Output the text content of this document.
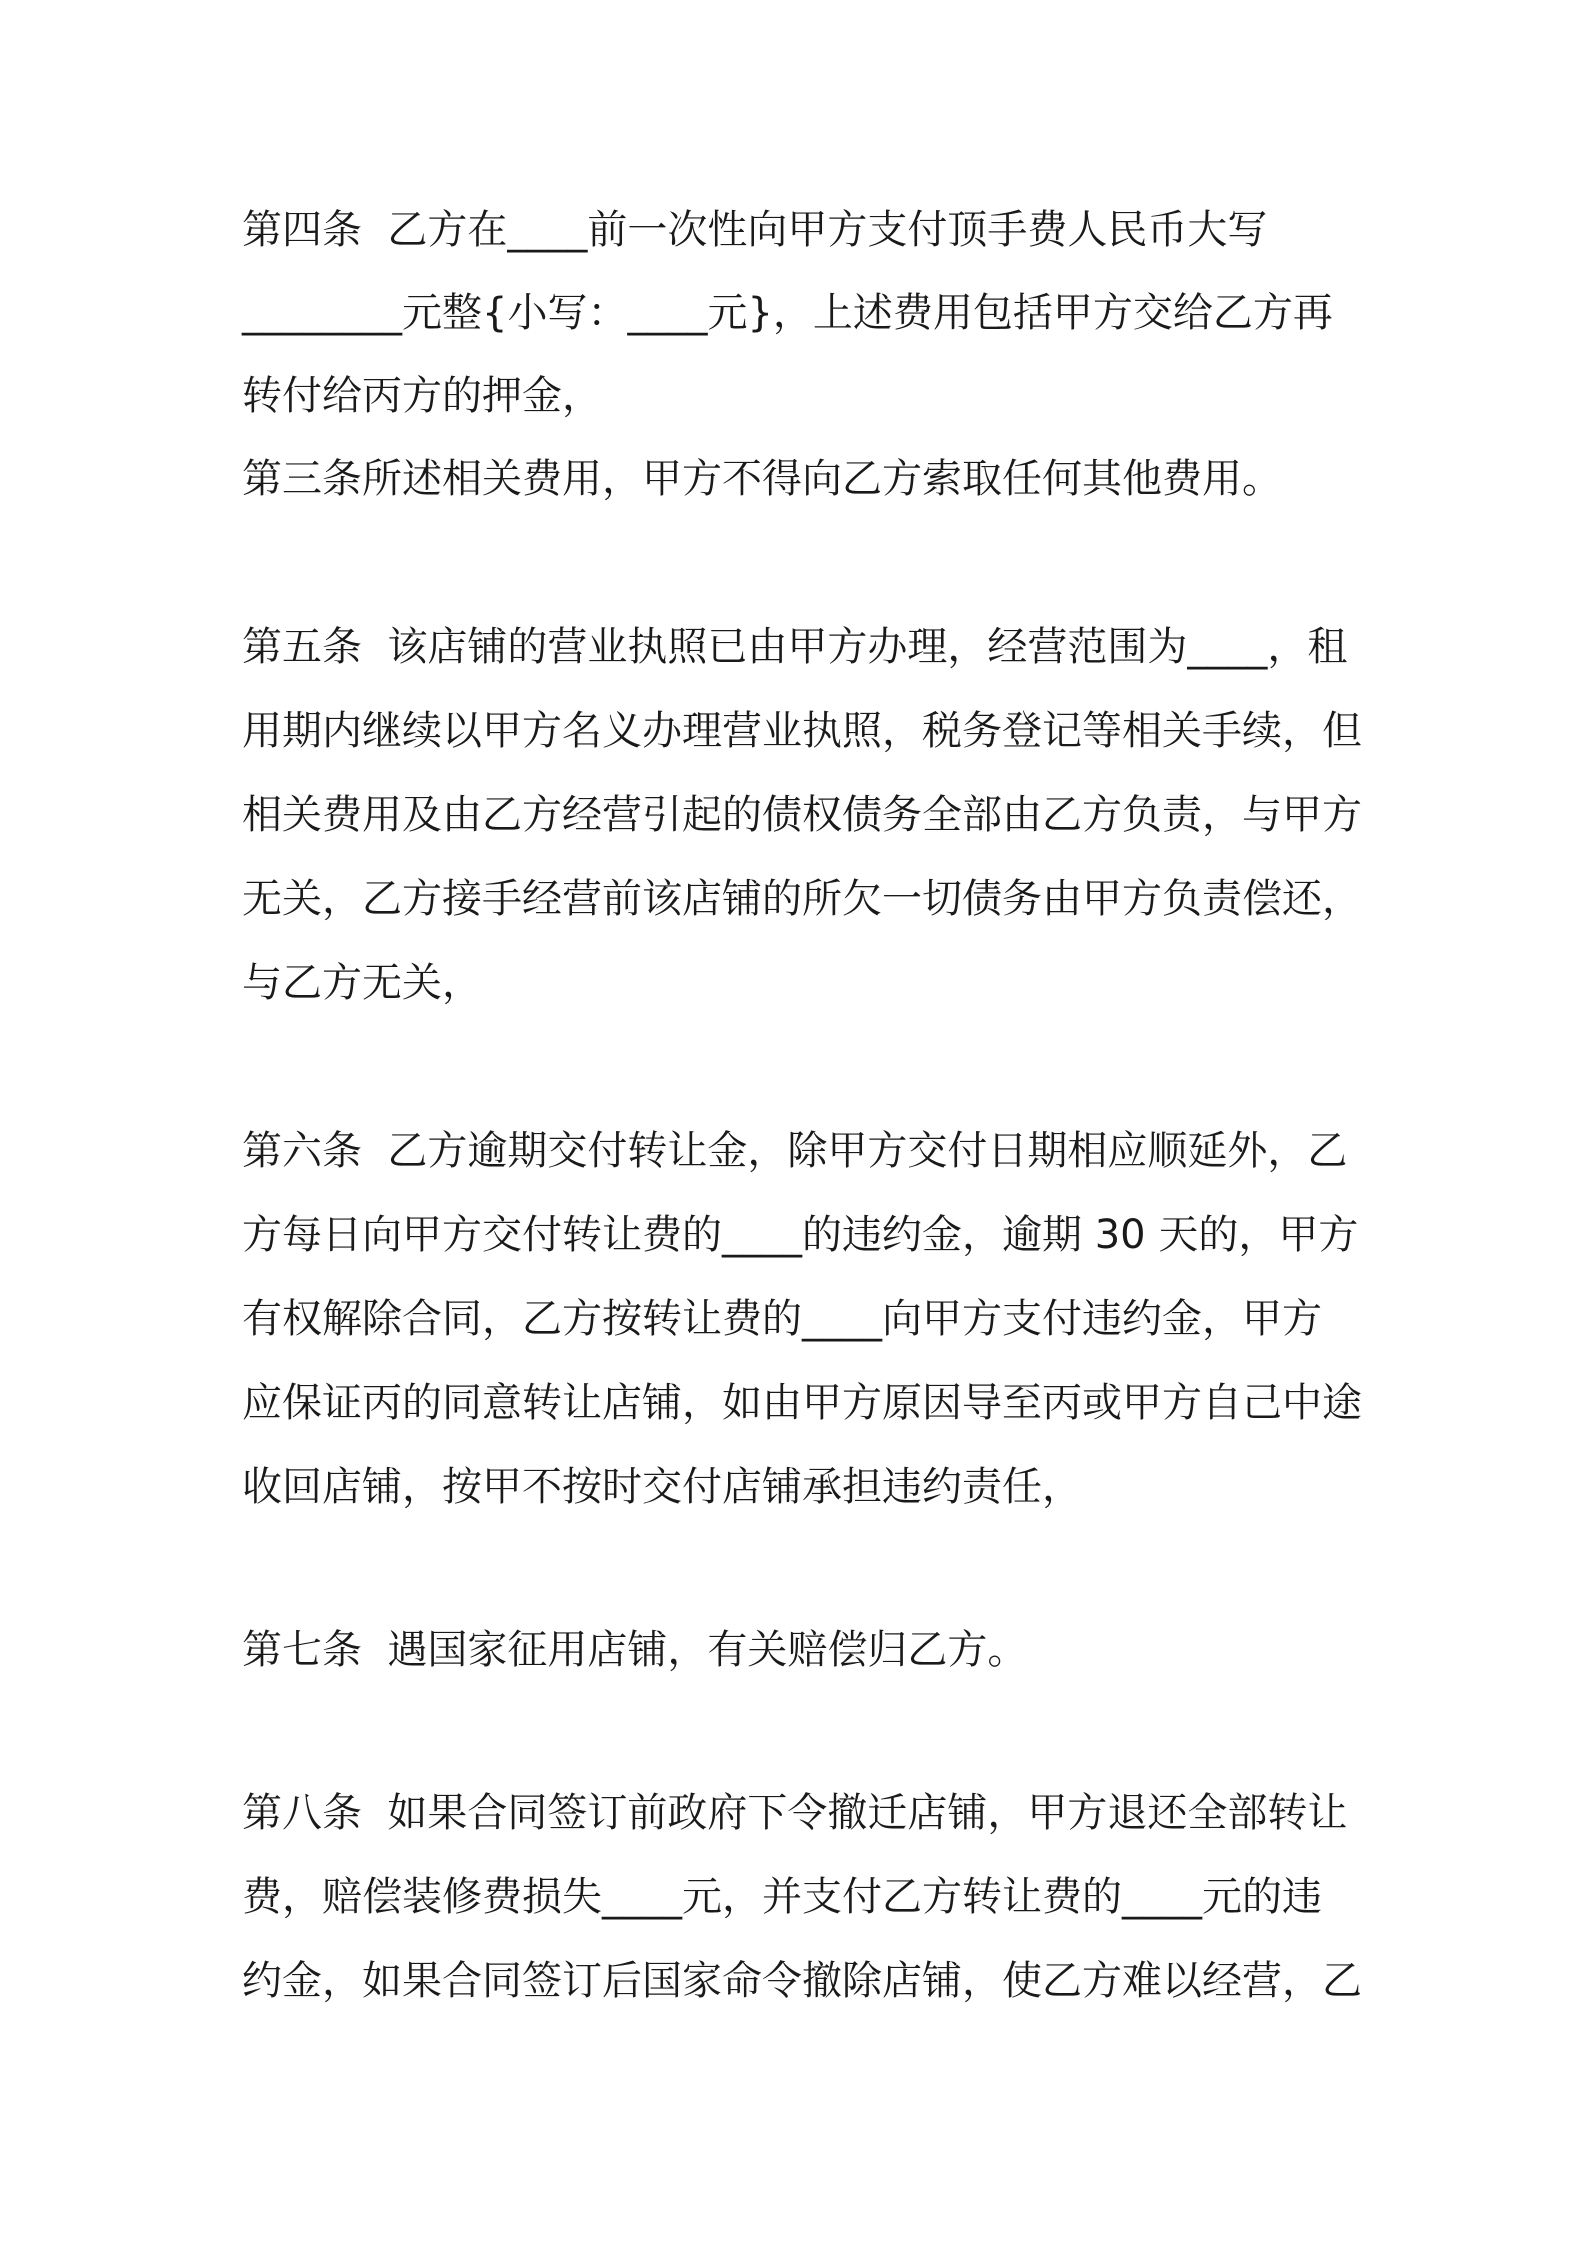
第四条  乙方在____前一次性向甲方支付顶手费人民币大写
________元整{小写：____元}，上述费用包括甲方交给乙方再
转付给丙方的押金，
第三条所述相关费用，甲方不得向乙方索取任何其他费用。
第五条  该店铺的营业执照已由甲方办理，经营范围为____，租
用期内继续以甲方名义办理营业执照，税务登记等相关手续，但
相关费用及由乙方经营引起的债权债务全部由乙方负责，与甲方
无关，乙方接手经营前该店铺的所欠一切债务由甲方负责偿还，
与乙方无关，
第六条  乙方逾期交付转让金，除甲方交付日期相应顺延外，乙
方每日向甲方交付转让费的____的违约金，逾期 30 天的，甲方
有权解除合同，乙方按转让费的____向甲方支付违约金，甲方
应保证丙的同意转让店铺，如由甲方原因导至丙或甲方自己中途
收回店铺，按甲不按时交付店铺承担违约责任，
第七条  遇国家征用店铺，有关赔偿归乙方。
第八条  如果合同签订前政府下令撤迁店铺，甲方退还全部转让
费，赔偿装修费损失____元，并支付乙方转让费的____元的违
约金，如果合同签订后国家命令撤除店铺，使乙方难以经营，乙
